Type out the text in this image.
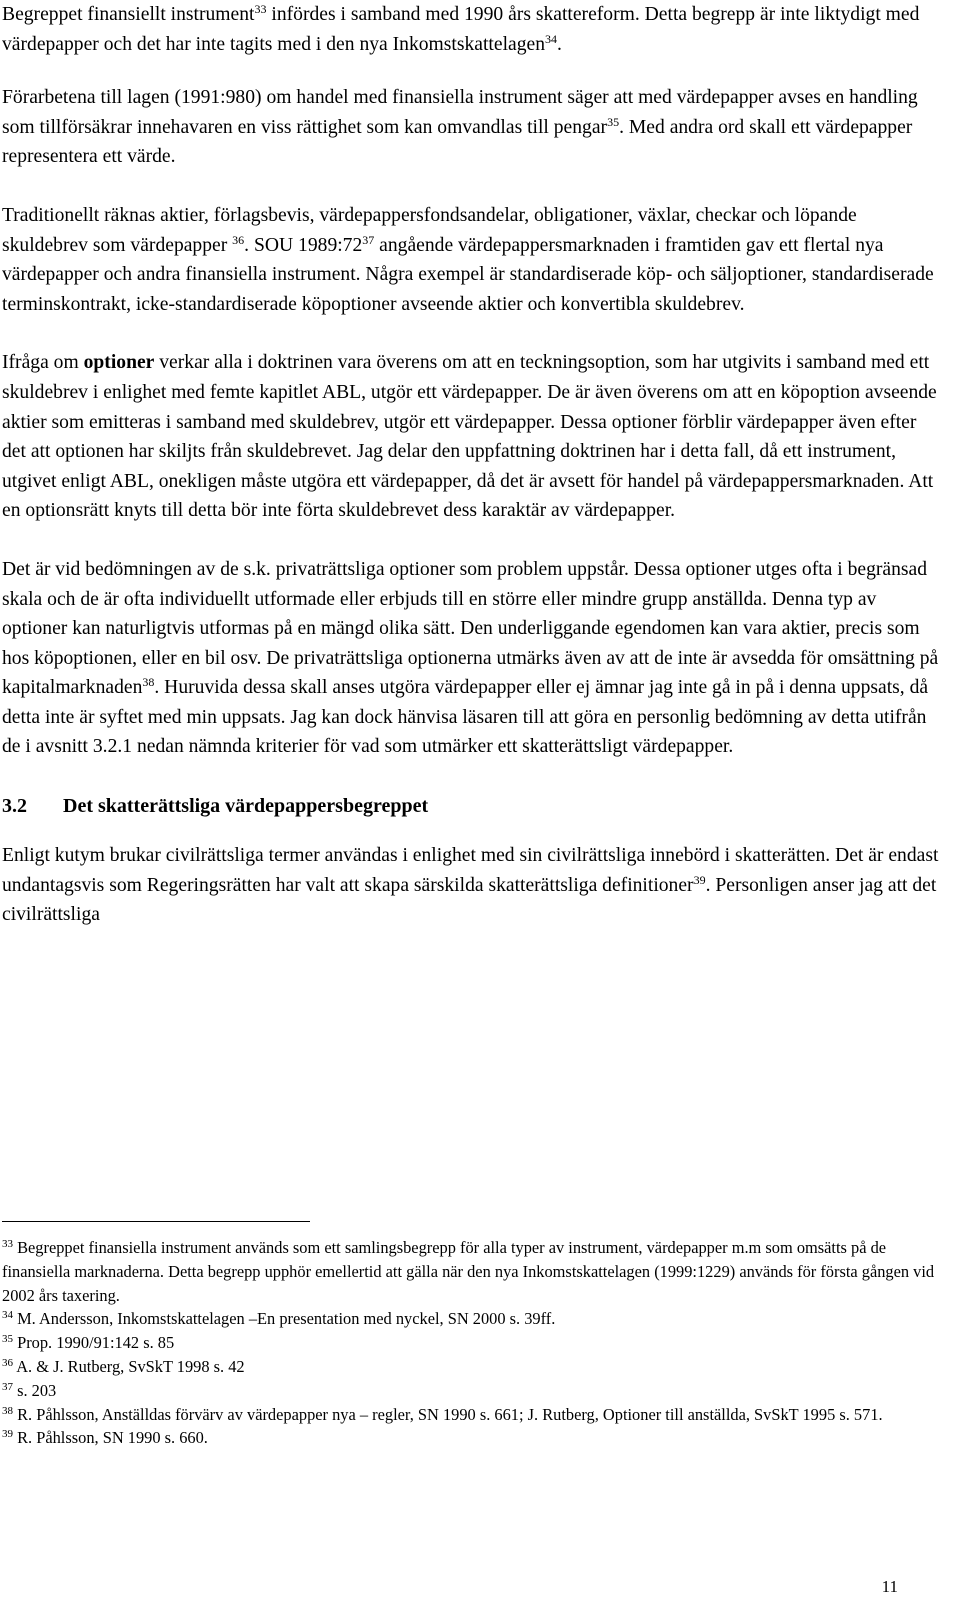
Begreppet finansiellt instrument$^{33}$ infördes i samband med 1990 års skattereform. Detta begrepp är inte liktydigt med värdepapper och det har inte tagits med i den nya Inkomstskattelagen$^{34}$.

Förarbetena till lagen (1991:980) om handel med finansiella instrument säger att med värdepapper avses en handling som tillförsäkrar innehavaren en viss rättighet som kan omvandlas till pengar$^{35}$. Med andra ord skall ett värdepapper representera ett värde.

Traditionellt räknas aktier, förlagsbevis, värdepappersfondsandelar, obligationer, växlar, checkar och löpande skuldebrev som värdepapper $^{36}$. SOU $1989:72^{37}$ angående värdepappersmarknaden i framtiden gav ett flertal nya värdepapper och andra finansiella instrument. Några exempel är standardiserade köp- och säljoptioner, standardiserade terminskontrakt, icke-standardiserade köpoptioner avseende aktier och konvertibla skuldebrev.

Ifråga om optioner verkar alla i doktrinen vara överens om att en teckningsoption, som har utgivits i samband med ett skuldebrev i enlighet med femte kapitlet ABL, utgör ett värdepapper. De är även överens om att en köpoption avseende aktier som emitteras i samband med skuldebrev, utgör ett värdepapper. Dessa optioner förblir värdepapper även efter det att optionen har skiljts från skuldebrevet. Jag delar den uppfattning doktrinen har i detta fall, då ett instrument, utgivet enligt ABL, onekligen måste utgöra ett värdepapper, då det är avsett för handel på värdepappersmarknaden. Att en optionsrätt knyts till detta bör inte förta skuldebrevet dess karaktär av värdepapper.

Det är vid bedömningen av de s.k. privaträttsliga optioner som problem uppstår. Dessa optioner utges ofta i begränsad skala och de är ofta individuellt utformade eller erbjuds till en större eller mindre grupp anställda. Denna typ av optioner kan naturligtvis utformas på en mängd olika sätt. Den underliggande egendomen kan vara aktier, precis som hos köpoptionen, eller en bil osv. De privaträttsliga optionerna utmärks även av att de inte är avsedda för omsättning på kapitalmarknaden$^{38}$. Huruvida dessa skall anses utgöra värdepapper eller ej ämnar jag inte gå in på i denna uppsats, då detta inte är syftet med min uppsats. Jag kan dock hänvisa läsaren till att göra en personlig bedömning av detta utifrån de i avsnitt 3.2.1 nedan nämnda kriterier för vad som utmärker ett skatterättsligt värdepapper.

3.2 Det skatterättsliga värdepappersbegreppet

Enligt kutym brukar civilrättsliga termer användas i enlighet med sin civilrättsliga innebörd i skatterätten. Det är endast undantagsvis som Regeringsrätten har valt att skapa särskilda skatterättsliga definitioner$^{39}$. Personligen anser jag att det civilrättsliga

$^{33}$ Begreppet finansiella instrument används som ett samlingsbegrepp för alla typer av instrument, värdepapper m.m som omsätts på de finansiella marknaderna. Detta begrepp upphör emellertid att gälla när den nya Inkomstskattelagen (1999:1229) används för första gången vid 2002 års taxering.

$^{34}$ M. Andersson, Inkomstskattelagen –En presentation med nyckel, SN 2000 s. 39ff.

$^{35}$ Prop. 1990/91:142 s. 85

$^{36}$ A. & J. Rutberg, SvSkT 1998 s. 42

$^{37}$ s. 203

$^{38}$ R. Påhlsson, Anställdas förvärv av värdepapper nya – regler, SN 1990 s. 661; J. Rutberg, Optioner till anställda, SvSkT 1995 s. 571.

$^{39}$ R. Påhlsson, SN 1990 s. 660.

11
